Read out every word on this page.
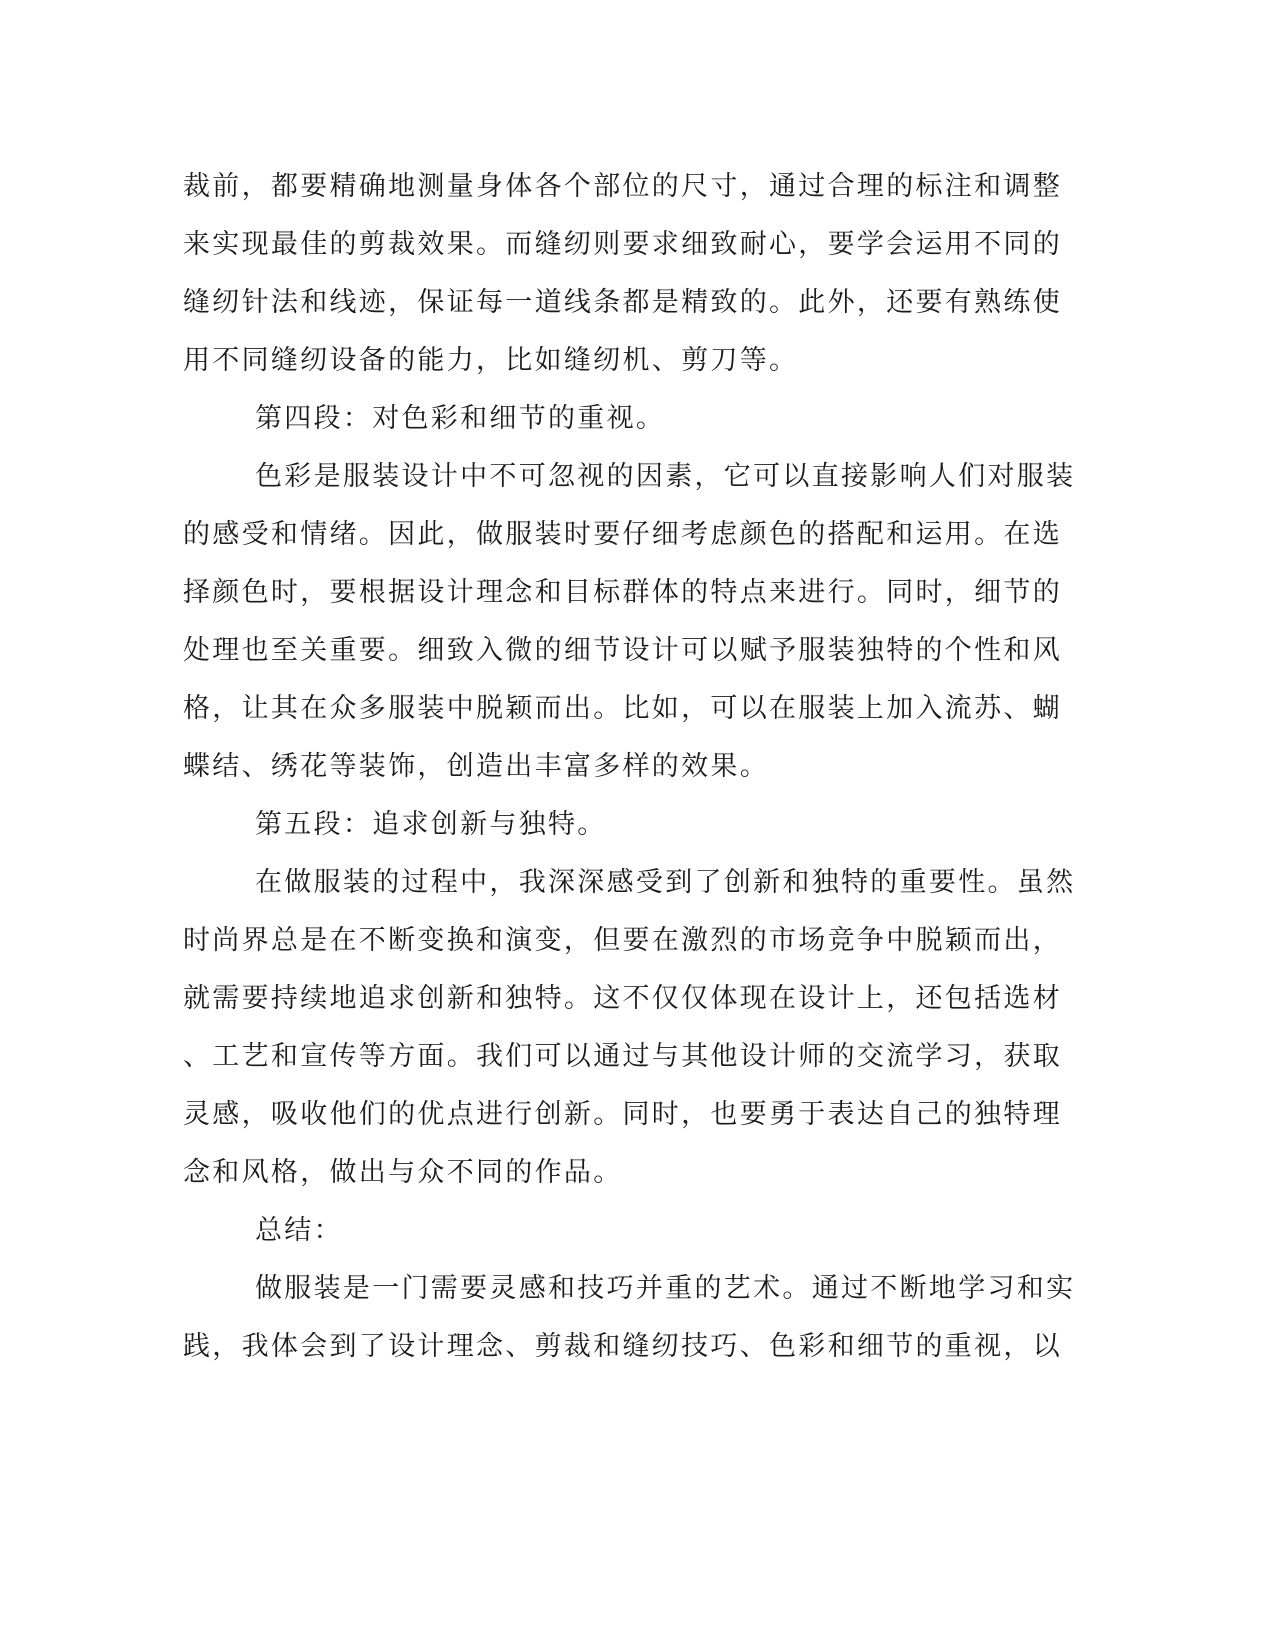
裁前，都要精确地测量身体各个部位的尺寸，通过合理的标注和调整
来实现最佳的剪裁效果。而缝纫则要求细致耐心，要学会运用不同的
缝纫针法和线迹，保证每一道线条都是精致的。此外，还要有熟练使
用不同缝纫设备的能力，比如缝纫机、剪刀等。
第四段：对色彩和细节的重视。
色彩是服装设计中不可忽视的因素，它可以直接影响人们对服装
的感受和情绪。因此，做服装时要仔细考虑颜色的搭配和运用。在选
择颜色时，要根据设计理念和目标群体的特点来进行。同时，细节的
处理也至关重要。细致入微的细节设计可以赋予服装独特的个性和风
格，让其在众多服装中脱颖而出。比如，可以在服装上加入流苏、蝴
蝶结、绣花等装饰，创造出丰富多样的效果。
第五段：追求创新与独特。
在做服装的过程中，我深深感受到了创新和独特的重要性。虽然
时尚界总是在不断变换和演变，但要在激烈的市场竞争中脱颖而出，
就需要持续地追求创新和独特。这不仅仅体现在设计上，还包括选材
、工艺和宣传等方面。我们可以通过与其他设计师的交流学习，获取
灵感，吸收他们的优点进行创新。同时，也要勇于表达自己的独特理
念和风格，做出与众不同的作品。
总结：
做服装是一门需要灵感和技巧并重的艺术。通过不断地学习和实
践，我体会到了设计理念、剪裁和缝纫技巧、色彩和细节的重视，以
